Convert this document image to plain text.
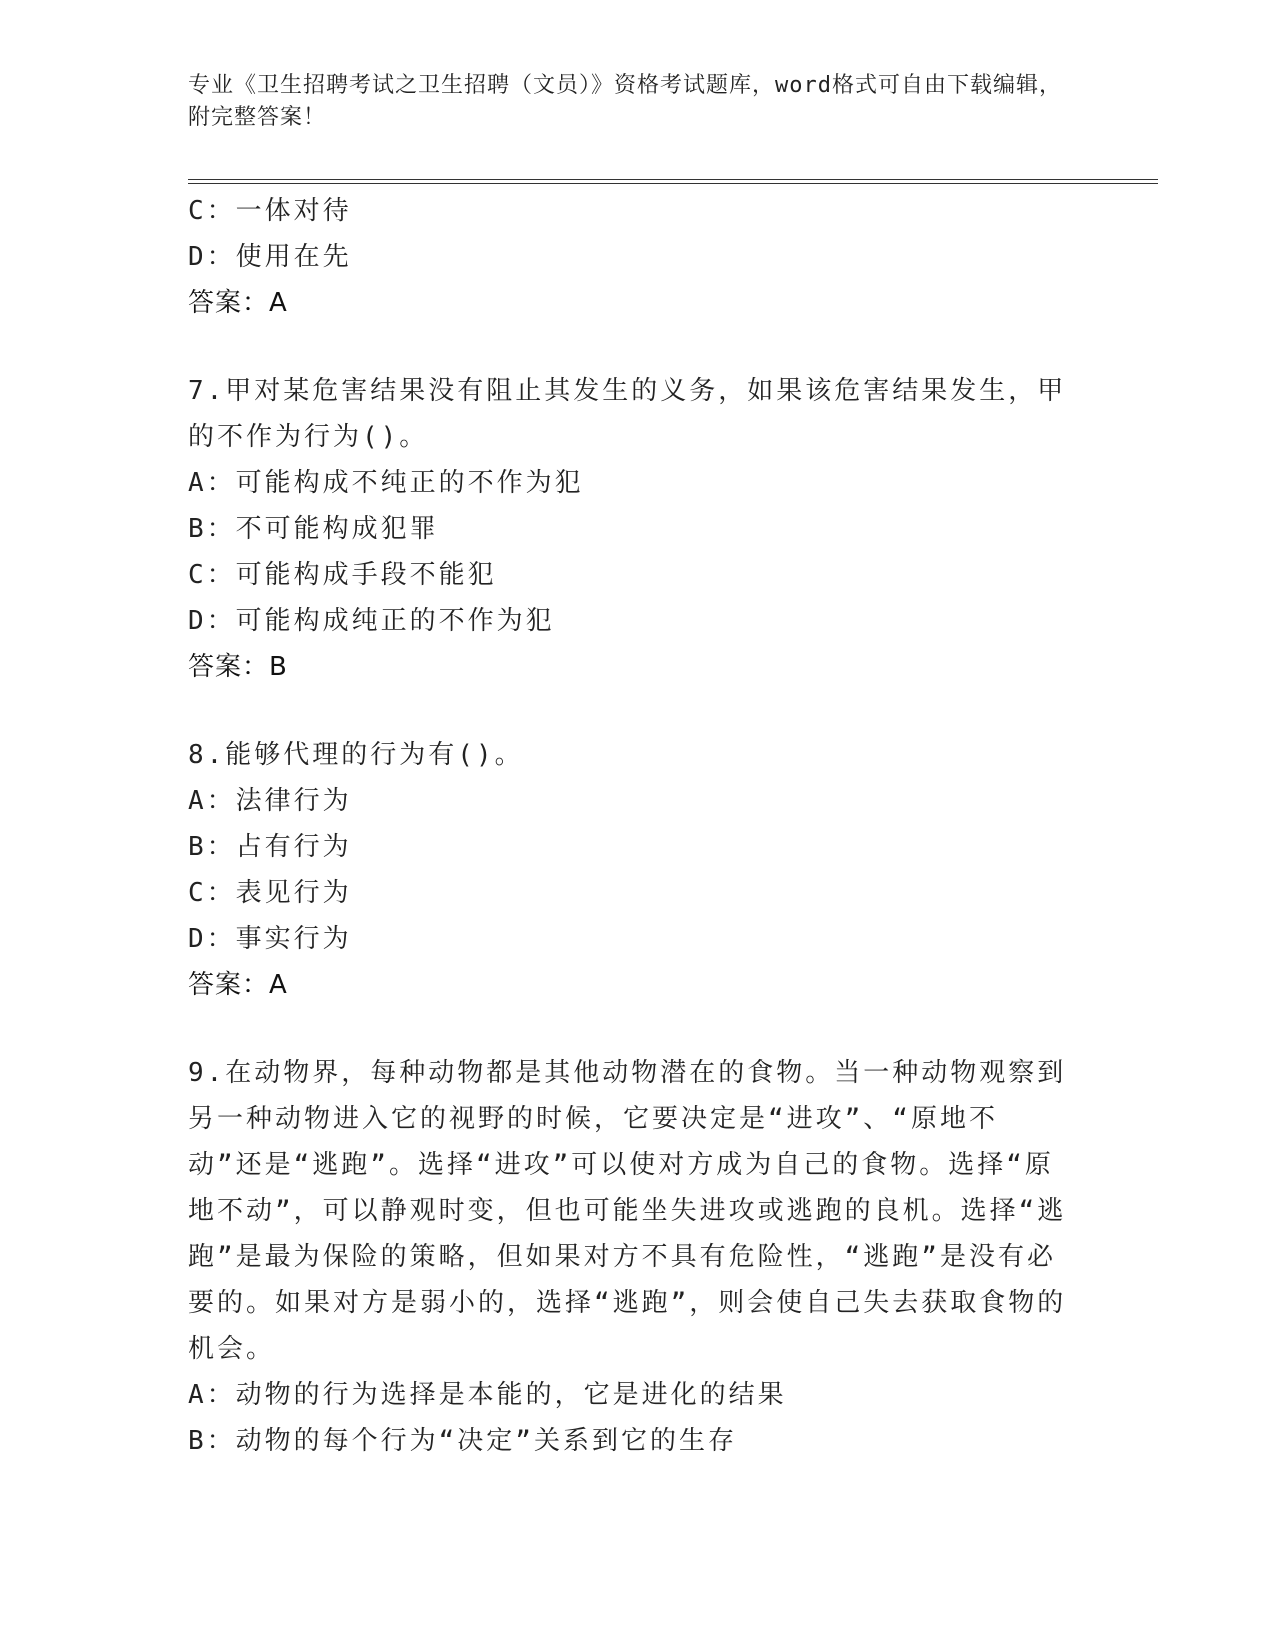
专业《卫生招聘考试之卫生招聘（文员）》资格考试题库，word格式可自由下载编辑，附完整答案！
C：一体对待
D：使用在先
答案：A
7.甲对某危害结果没有阻止其发生的义务，如果该危害结果发生，甲的不作为行为()。
A：可能构成不纯正的不作为犯
B：不可能构成犯罪
C：可能构成手段不能犯
D：可能构成纯正的不作为犯
答案：B
8.能够代理的行为有()。
A：法律行为
B：占有行为
C：表见行为
D：事实行为
答案：A
9.在动物界，每种动物都是其他动物潜在的食物。当一种动物观察到另一种动物进入它的视野的时候，它要决定是“进攻”、“原地不动”还是“逃跑”。选择“进攻”可以使对方成为自己的食物。选择“原地不动”，可以静观时变，但也可能坐失进攻或逃跑的良机。选择“逃跑”是最为保险的策略，但如果对方不具有危险性，“逃跑”是没有必要的。如果对方是弱小的，选择“逃跑”，则会使自己失去获取食物的机会。
A：动物的行为选择是本能的，它是进化的结果
B：动物的每个行为“决定”关系到它的生存
